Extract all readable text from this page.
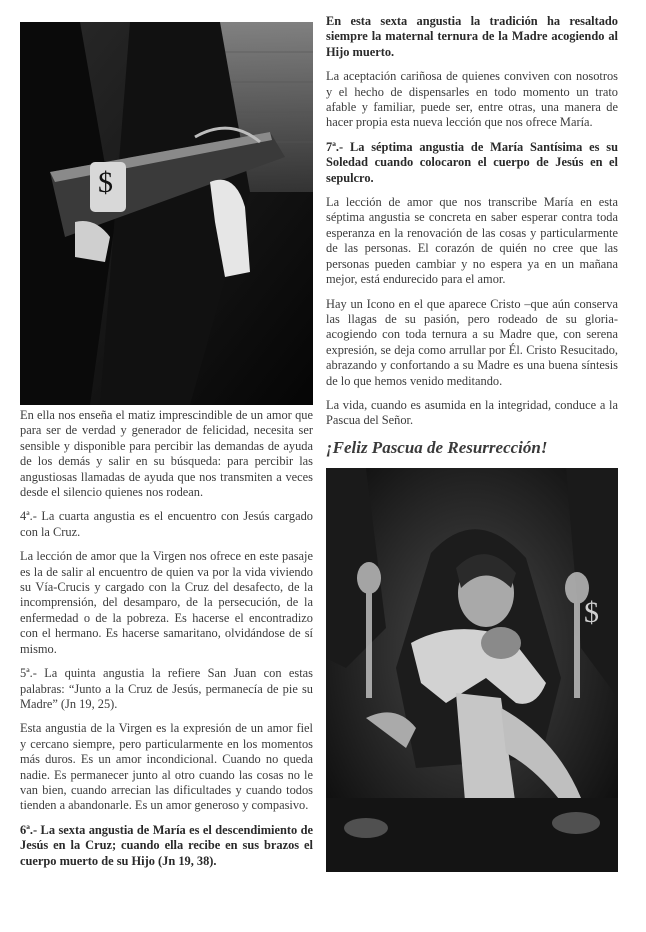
$

En ella nos enseña el matiz imprescindible de un amor que para ser de verdad y generador de felicidad, necesita ser sensible y disponible para percibir las demandas de ayuda de los demás y salir en su búsqueda: para percibir las angustiosas llamadas de ayuda que nos transmiten a veces desde el silencio quienes nos rodean.

4ª.- La cuarta angustia es el encuentro con Jesús cargado con la Cruz.

La lección de amor que la Virgen nos ofrece en este pasaje es la de salir al encuentro de quien va por la vida viviendo su Vía-Crucis y cargado con la Cruz del desafecto, de la incomprensión, del desamparo, de la persecución, de la enfermedad o de la pobreza. Es hacerse el encontradizo con el hermano. Es hacerse samaritano, olvidándose de sí mismo.

5ª.- La quinta angustia la refiere San Juan con estas palabras: “Junto a la Cruz de Jesús, permanecía de pie su Madre” (Jn 19, 25).

Esta angustia de la Virgen es la expresión de un amor fiel y cercano siempre, pero particularmente en los momentos más duros. Es un amor incondicional. Cuando no queda nadie. Es permanecer junto al otro cuando las cosas no le van bien, cuando arrecian las dificultades y cuando todos tienden a abandonarle. Es un amor generoso y compasivo.

6ª.- La sexta angustia de María es el descendimiento de Jesús en la Cruz; cuando ella recibe en sus brazos el cuerpo muerto de su Hijo (Jn 19, 38).

En esta sexta angustia la tradición ha resaltado siempre la maternal ternura de la Madre acogiendo al Hijo muerto.

La aceptación cariñosa de quienes conviven con nosotros y el hecho de dispensarles en todo momento un trato afable y familiar, puede ser, entre otras, una manera de hacer propia esta nueva lección que nos ofrece María.

7ª.- La séptima angustia de María Santísima es su Soledad cuando colocaron el cuerpo de Jesús en el sepulcro.

La lección de amor que nos transcribe María en esta séptima angustia se concreta en saber esperar contra toda esperanza en la renovación de las cosas y particularmente de las personas. El corazón de quién no cree que las personas pueden cambiar y no espera ya en un mañana mejor, está endurecido para el amor.

Hay un Icono en el que aparece Cristo –que aún conserva las llagas de su pasión, pero rodeado de su gloria- acogiendo con toda ternura a su Madre que, con serena expresión, se deja como arrullar por Él. Cristo Resucitado, abrazando y confortando a su Madre es una buena síntesis de lo que hemos venido meditando.

La vida, cuando es asumida en la integridad, conduce a la Pascua del Señor.

¡Feliz Pascua de Resurrección!
$
